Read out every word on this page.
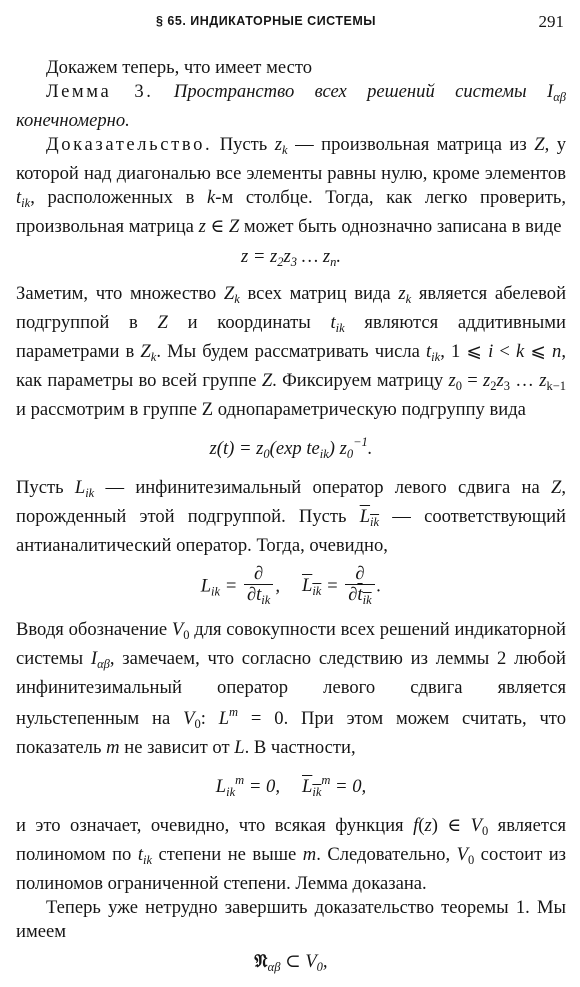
§ 65. ИНДИКАТОРНЫЕ СИСТЕМЫ	291

Докажем теперь, что имеет место

Лемма 3. Пространство всех решений системы $I_{\alpha\beta}$ конечномерно.

Доказательство. Пусть $z_k$ — произвольная матрица из Z, у которой над диагональю все элементы равны нулю, кроме элементов $t_{ik}$, расположенных в k-м столбце. Тогда, как легко проверить, произвольная матрица z ∈ Z может быть однозначно записана в виде

$z = z_2z_3$ … $z_n$.

Заметим, что множество $Z_k$ всех матриц вида $z_k$ является абелевой подгруппой в Z и координаты $t_{ik}$ являются аддитивными параметрами в $Z_k$. Мы будем рассматривать числа $t_{ik}$, 1 ⩽ i < k ⩽ n, как параметры во всей группе Z. Фиксируем матрицу $z_0 = z_2z_3$ … $z_{k-1}$ и рассмотрим в группе Z однопараметрическую подгруппу вида

$z(t) = z_0(\exp$ $te_{ik}$) $z_0^{-1}$.

Пусть $L_{ik}$ — инфинитезимальный оператор левого сдвига на Z, порожденный этой подгруппой. Пусть $L_{ik}$ — соответствующий антианалитический оператор. Тогда, очевидно,

$L_{ik} = \frac{\partial}{\partial t_{ik}}$ , $L_{ik} = \frac{\partial}{\partial t_{ik}}$ .

Вводя обозначение $V_0$ для совокупности всех решений индикаторной системы $I_{\alpha\beta}$, замечаем, что согласно следствию из леммы 2 любой инфинитезимальный оператор левого сдвига является нульстепенным на $V_0$: $L^m = 0$. При этом можем считать, что показатель m не зависит от L. В частности,

$L_{ik}^m = 0$, $L_{ik}^m = 0$,

и это означает, очевидно, что всякая функция f(z) ∈ $V_0$ является полиномом по $t_{ik}$ степени не выше m. Следовательно, $V_0$ состоит из полиномов ограниченной степени. Лемма доказана.

Теперь уже нетрудно завершить доказательство теоремы 1. Мы имеем

𝔑$_{\alpha\beta}$ ⊂ $V_0$,
